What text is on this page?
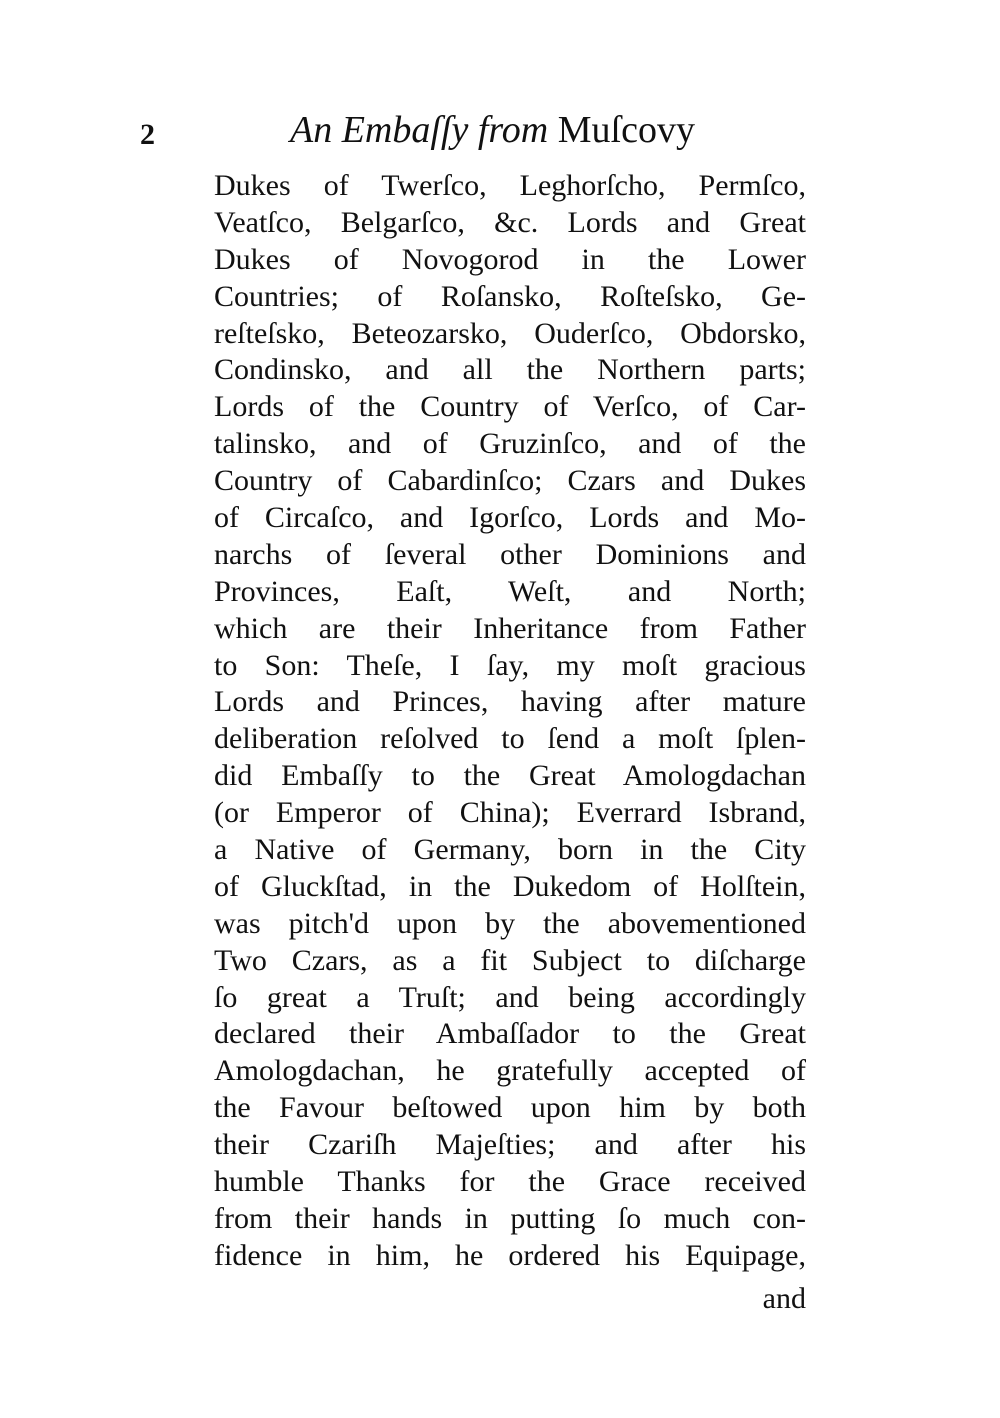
2	An Embaſſy from Muſcovy
Dukes of Twerſco, Leghorſcho, Permſco,
Veatſco, Belgarſco, &c. Lords and Great
Dukes of Novogorod in the Lower
Countries; of Roſansko, Roſteſsko, Ge-
reſteſsko, Beteozarsko, Ouderſco, Obdorsko,
Condinsko, and all the Northern parts;
Lords of the Country of Verſco, of Car-
talinsko, and of Gruzinſco, and of the
Country of Cabardinſco; Czars and Dukes
of Circaſco, and Igorſco, Lords and Mo-
narchs of ſeveral other Dominions and
Provinces, Eaſt, Weſt, and North;
which are their Inheritance from Father
to Son: Theſe, I ſay, my moſt gracious
Lords and Princes, having after mature
deliberation reſolved to ſend a moſt ſplen-
did Embaſſy to the Great Amologdachan
(or Emperor of China); Everrard Isbrand,
a Native of Germany, born in the City
of Gluckſtad, in the Dukedom of Holſtein,
was pitch'd upon by the abovementioned
Two Czars, as a fit Subject to diſcharge
ſo great a Truſt; and being accordingly
declared their Ambaſſador to the Great
Amologdachan, he gratefully accepted of
the Favour beſtowed upon him by both
their Czariſh Majeſties; and after his
humble Thanks for the Grace received
from their hands in putting ſo much con-
fidence in him, he ordered his Equipage,
and
